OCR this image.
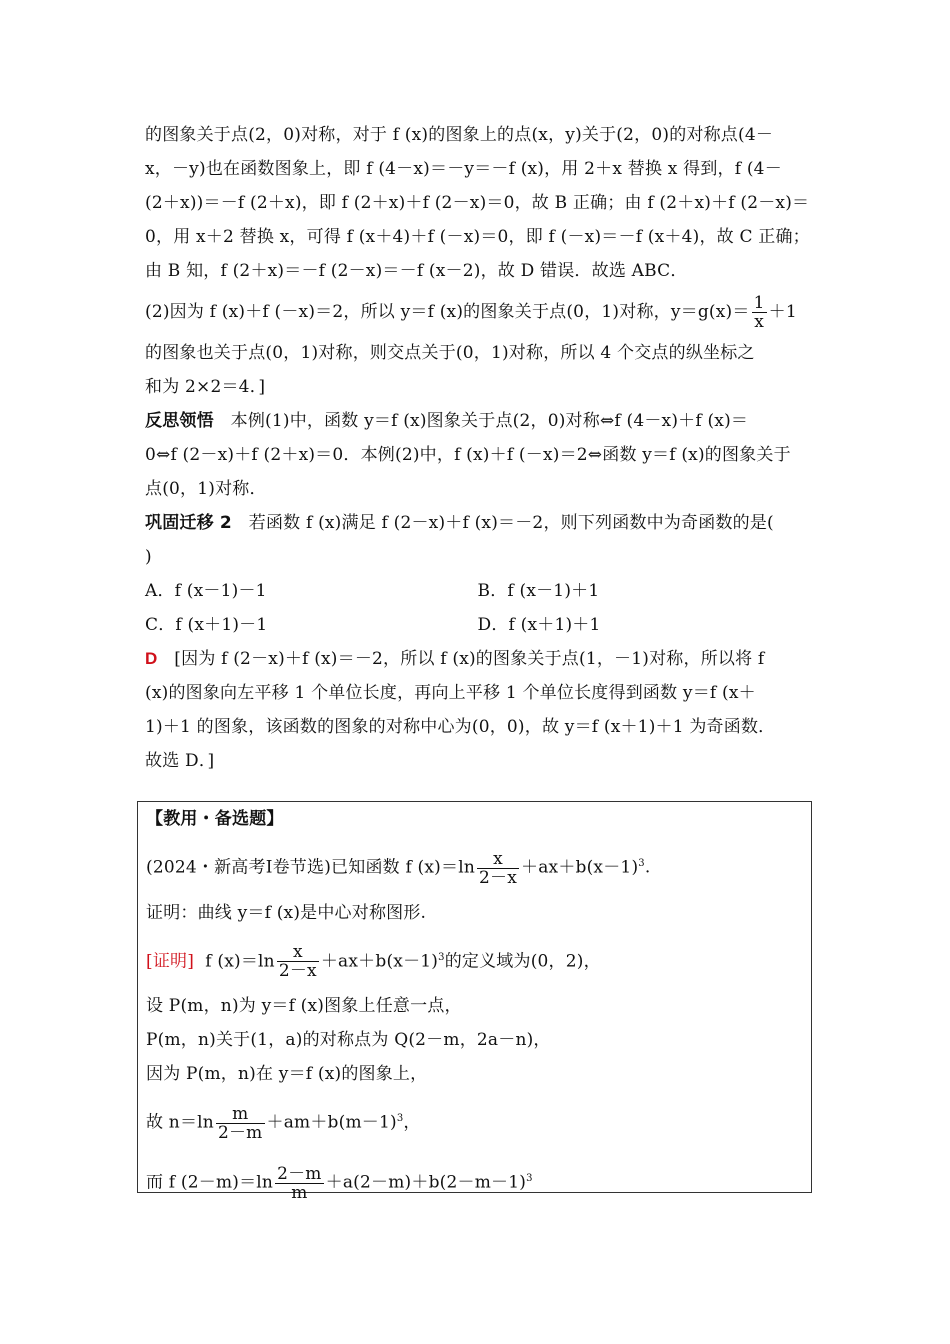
的图象关于点(2，0)对称，对于 f (x)的图象上的点(x，y)关于(2，0)的对称点(4－
x，－y)也在函数图象上，即 f (4－x)＝－y＝－f (x)，用 2＋x 替换 x 得到，f (4－
(2＋x))＝－f (2＋x)，即 f (2＋x)＋f (2－x)＝0，故 B 正确；由 f (2＋x)＋f (2－x)＝
0，用 x＋2 替换 x，可得 f (x＋4)＋f (－x)＝0，即 f (－x)＝－f (x＋4)，故 C 正确；
由 B 知，f (2＋x)＝－f (2－x)＝－f (x－2)，故 D 错误．故选 ABC．
(2)因为 f (x)＋f (－x)＝2，所以 y＝f (x)的图象关于点(0，1)对称，$y=g(x)= \frac{1}{x} +1$
的图象也关于点(0，1)对称，则交点关于(0，1)对称，所以 4 个交点的纵坐标之
和为 2×2＝4．]
反思领悟 本例(1)中，函数 y＝f (x)图象关于点(2，0)对称⇔f (4－x)＋f (x)＝
0⇔f (2－x)＋f (2＋x)＝0．本例(2)中，f (x)＋f (－x)＝2⇔函数 y＝f (x)的图象关于
点(0，1)对称．
巩固迁移 2 若函数 f (x)满足 f (2－x)＋f (x)＝－2，则下列函数中为奇函数的是(
)
A．f (x－1)－1	B．f (x－1)＋1
C．f (x＋1)－1	D．f (x＋1)＋1
D [因为 f (2－x)＋f (x)＝－2，所以 f (x)的图象关于点(1，－1)对称，所以将 f
(x)的图象向左平移 1 个单位长度，再向上平移 1 个单位长度得到函数 y＝f (x＋
1)＋1 的图象，该函数的图象的对称中心为(0，0)，故 y＝f (x＋1)＋1 为奇函数．
故选 D．]
【教用・备选题】
(2024・新高考Ⅰ卷节选)已知函数 f $(x)=\ln \frac{x}{2-x} +ax+b(x-1)^3$.
证明：曲线 y＝f (x)是中心对称图形.
[证明] f $(x)=\ln \frac{x}{2-x} +ax+b(x-1)^3$的定义域为(0，2)，
设 P(m，n)为 y＝f (x)图象上任意一点，
P(m，n)关于(1，a)的对称点为 Q(2－m，2a－n)，
因为 P(m，n)在 y＝f (x)的图象上，
故 $n=\ln \frac{m}{2-m} +am+b(m-1)^3$，
而 f $(2-m)=\ln \frac{2-m}{m} +a(2-m)+b(2-m-1)^3$
